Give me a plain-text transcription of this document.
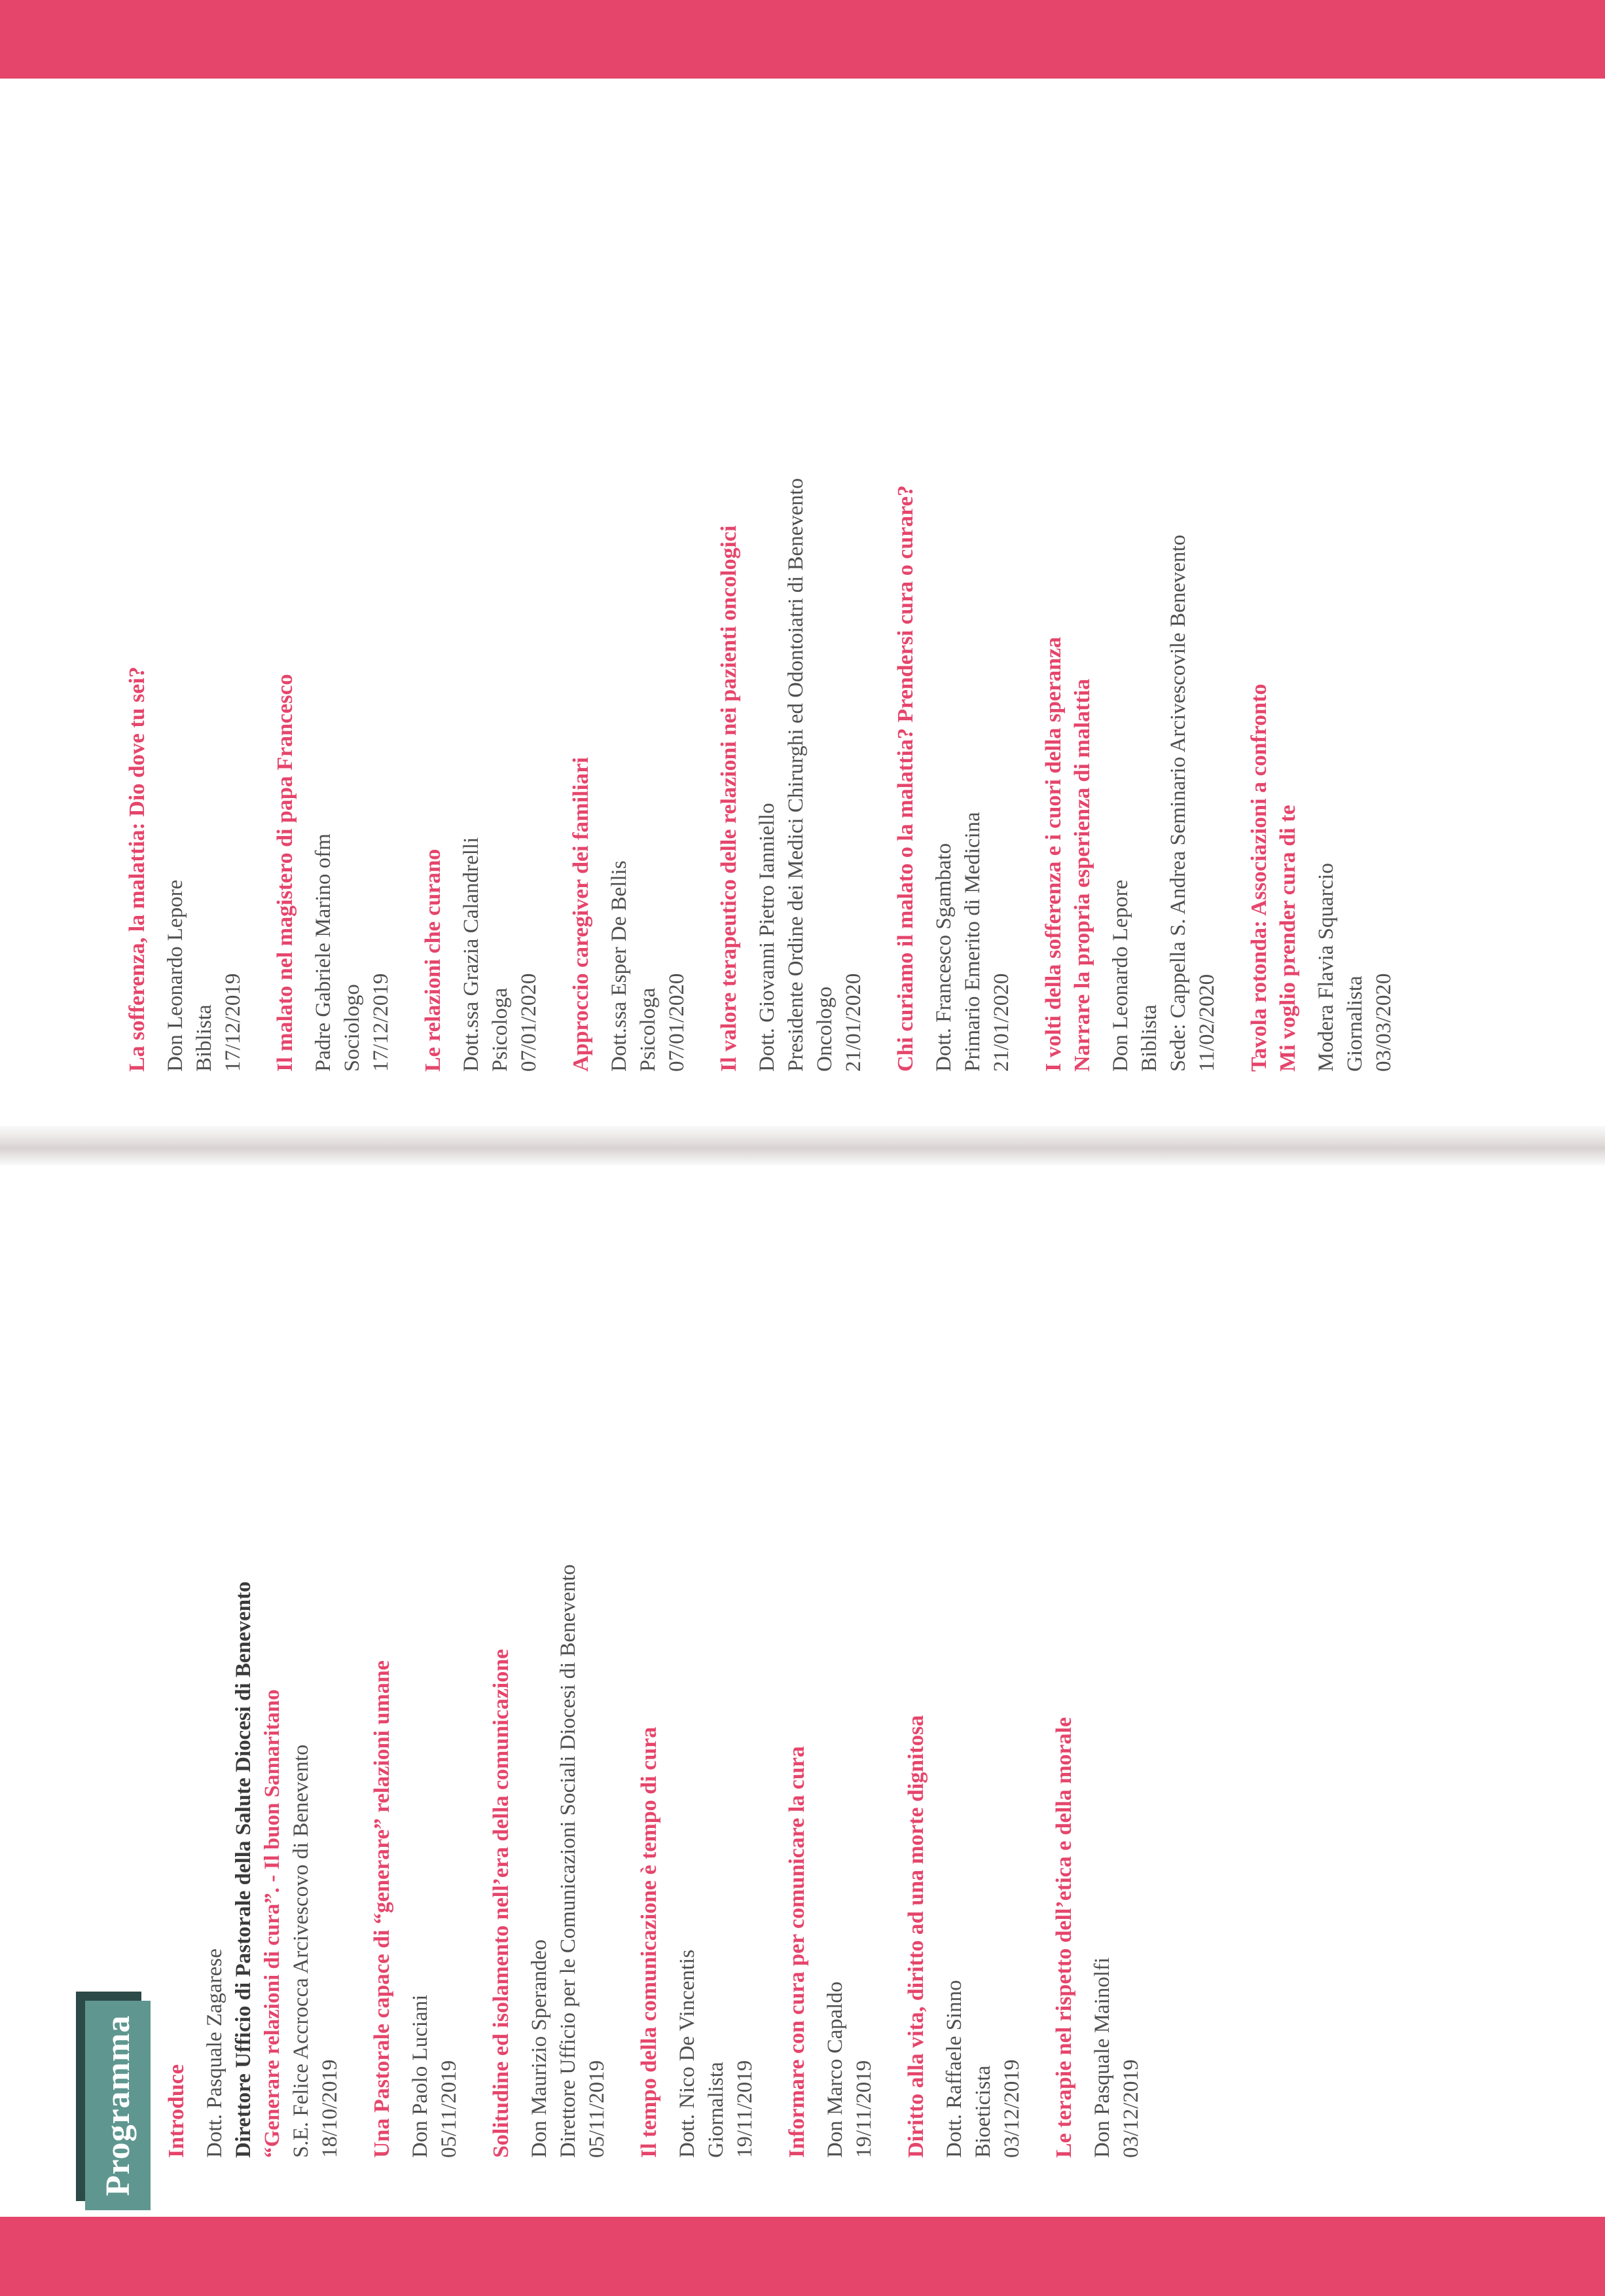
Programma	Introduce Dott. Pasquale Zagarese Direttore Ufficio di Pastorale della Salute Diocesi di Benevento “Generare relazioni di cura”. - Il buon Samaritano S.E. Felice Accrocca Arcivescovo di Benevento 18/10/2019 Una Pastorale capace di “generare” relazioni umane Don Paolo Luciani 05/11/2019 Solitudine ed isolamento nell’era della comunicazione Don Maurizio Sperandeo Direttore Ufficio per le Comunicazioni Sociali Diocesi di Benevento 05/11/2019 Il tempo della comunicazione è tempo di cura Dott. Nico De Vincentis Giornalista 19/11/2019 Informare con cura per comunicare la cura Don Marco Capaldo 19/11/2019 Diritto alla vita, diritto ad una morte dignitosa Dott. Raffaele Sinno Bioeticista 03/12/2019 Le terapie nel rispetto dell’etica e della morale Don Pasquale Mainolfi 03/12/2019

La sofferenza, la malattia: Dio dove tu sei? Don Leonardo Lepore Biblista 17/12/2019 Il malato nel magistero di papa Francesco Padre Gabriele Marino ofm Sociologo 17/12/2019 Le relazioni che curano Dott.ssa Grazia Calandrelli Psicologa 07/01/2020 Approccio caregiver dei familiari Dott.ssa Esper De Bellis Psicologa 07/01/2020 Il valore terapeutico delle relazioni nei pazienti oncologici Dott. Giovanni Pietro Ianniello Presidente Ordine dei Medici Chirurghi ed Odontoiatri di Benevento Oncologo 21/01/2020 Chi curiamo il malato o la malattia? Prendersi cura o curare? Dott. Francesco Sgambato Primario Emerito di Medicina 21/01/2020 I volti della sofferenza e i cuori della speranza Narrare la propria esperienza di malattia Don Leonardo Lepore Biblista Sede: Cappella S. Andrea Seminario Arcivescovile Benevento 11/02/2020 Tavola rotonda: Associazioni a confronto Mi voglio prender cura di te Modera Flavia Squarcio Giornalista 03/03/2020
